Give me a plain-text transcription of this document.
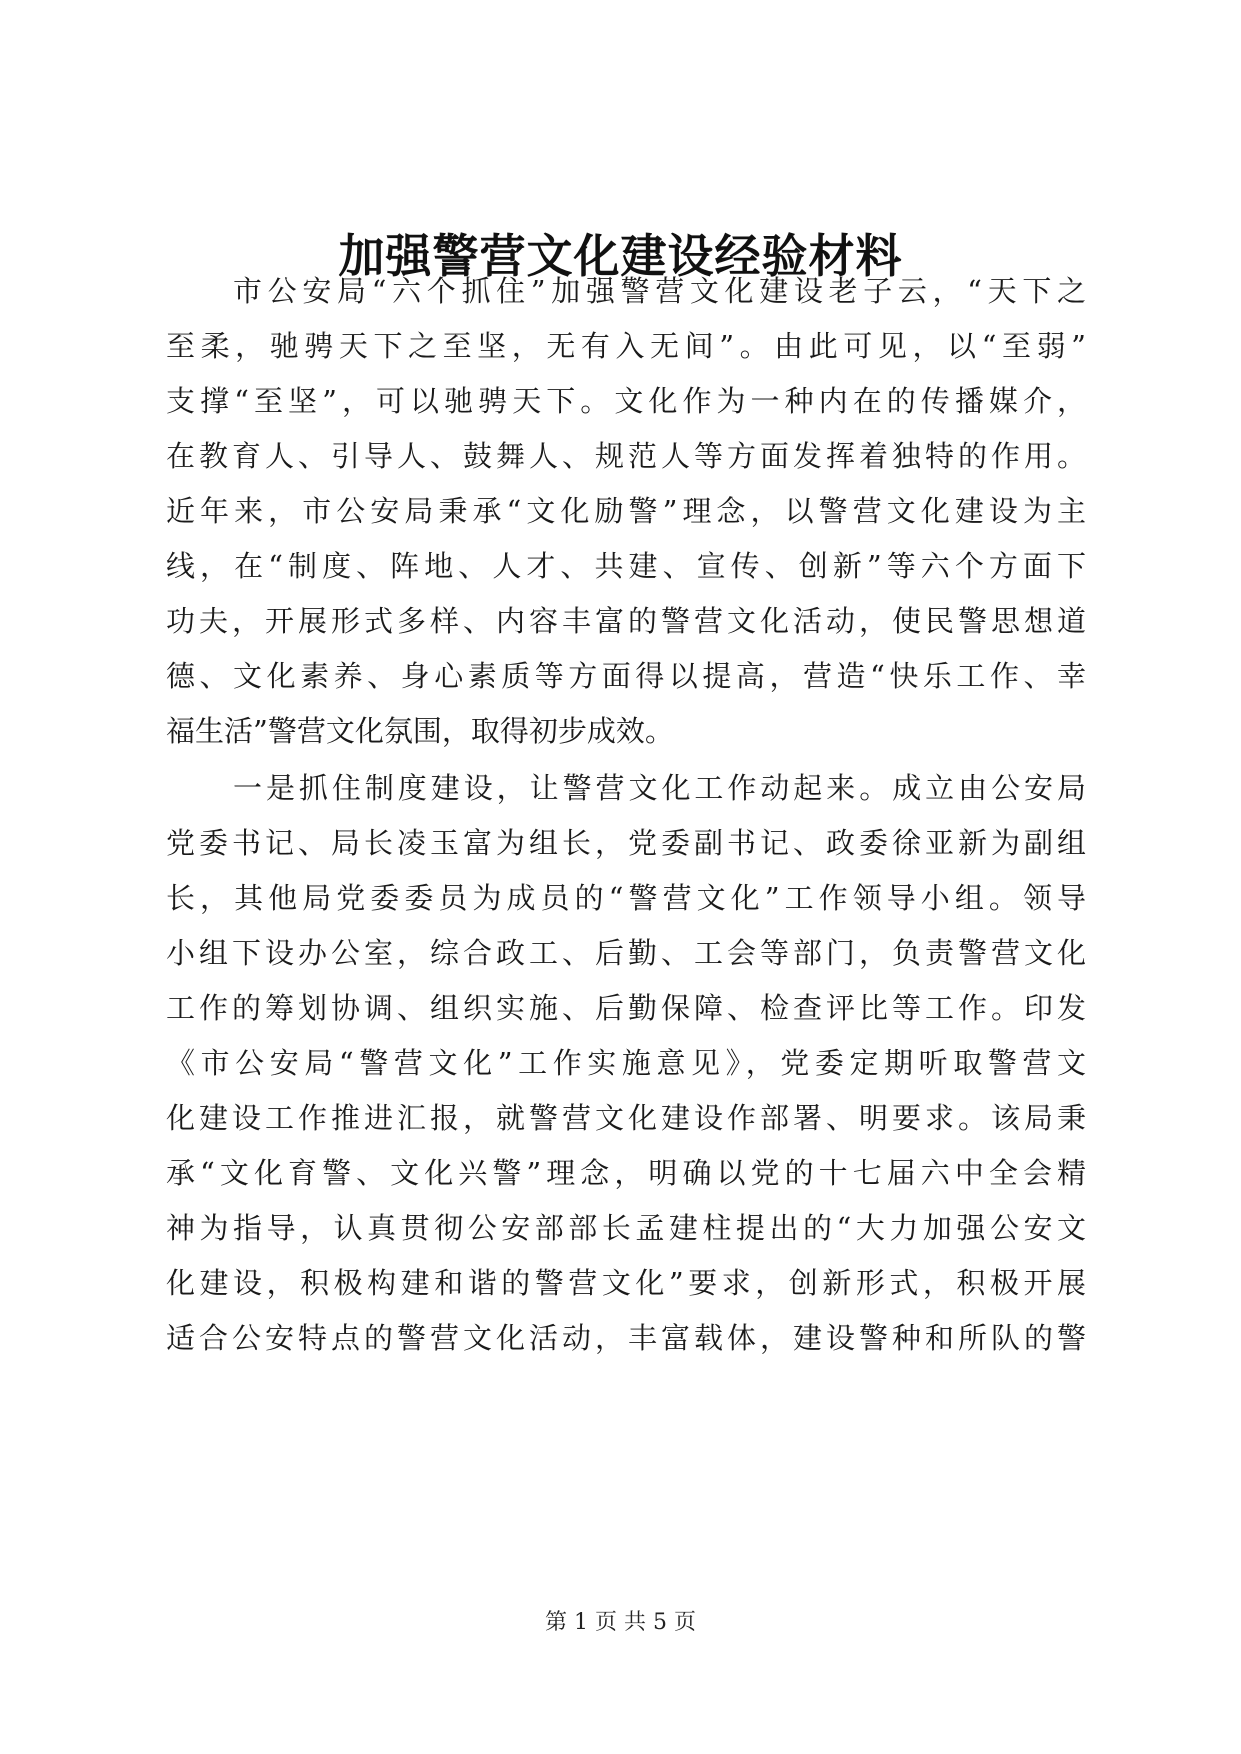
加强警营文化建设经验材料
市公安局“六个抓住”加强警营文化建设老子云，“天下之
至柔，驰骋天下之至坚，无有入无间”。由此可见，以“至弱”
支撑“至坚”，可以驰骋天下。文化作为一种内在的传播媒介，
在教育人、引导人、鼓舞人、规范人等方面发挥着独特的作用。
近年来，市公安局秉承“文化励警”理念，以警营文化建设为主
线，在“制度、阵地、人才、共建、宣传、创新”等六个方面下
功夫，开展形式多样、内容丰富的警营文化活动，使民警思想道
德、文化素养、身心素质等方面得以提高，营造“快乐工作、幸
福生活”警营文化氛围，取得初步成效。
一是抓住制度建设，让警营文化工作动起来。成立由公安局
党委书记、局长凌玉富为组长，党委副书记、政委徐亚新为副组
长，其他局党委委员为成员的“警营文化”工作领导小组。领导
小组下设办公室，综合政工、后勤、工会等部门，负责警营文化
工作的筹划协调、组织实施、后勤保障、检查评比等工作。印发
《市公安局“警营文化”工作实施意见》，党委定期听取警营文
化建设工作推进汇报，就警营文化建设作部署、明要求。该局秉
承“文化育警、文化兴警”理念，明确以党的十七届六中全会精
神为指导，认真贯彻公安部部长孟建柱提出的“大力加强公安文
化建设，积极构建和谐的警营文化”要求，创新形式，积极开展
适合公安特点的警营文化活动，丰富载体，建设警种和所队的警
第 1 页 共 5 页
